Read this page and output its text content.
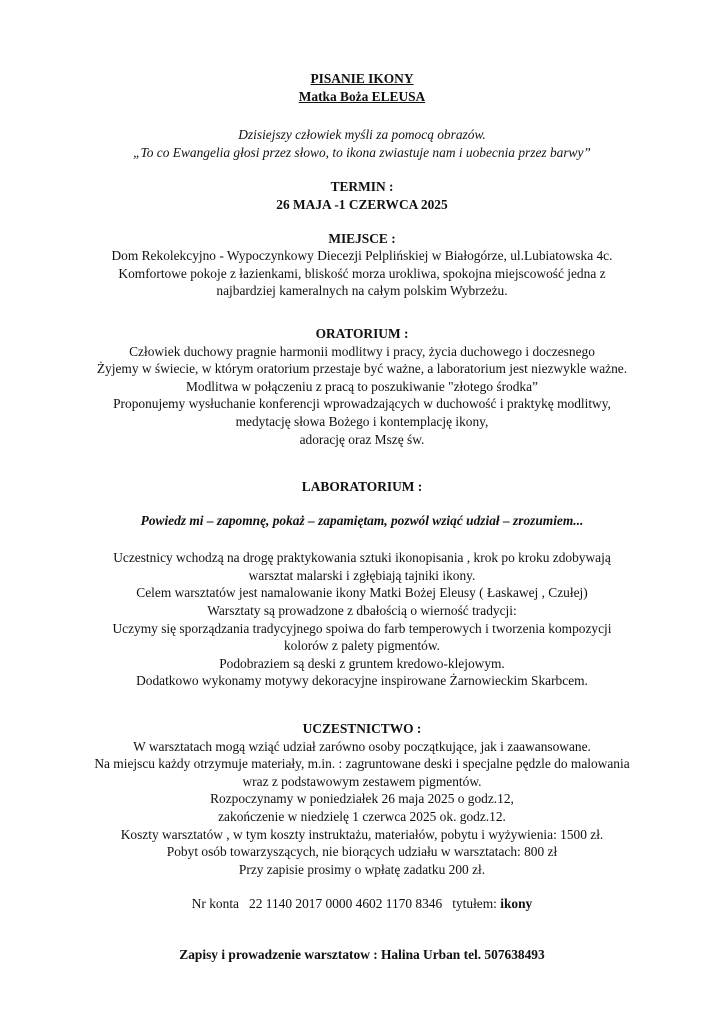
PISANIE IKONY
Matka Boża ELEUSA
Dzisiejszy człowiek myśli za pomocą obrazów.
„To co Ewangelia głosi przez słowo, to ikona zwiastuje nam i uobecnia przez barwy”
TERMIN :
26 MAJA -1 CZERWCA 2025
MIEJSCE :
Dom Rekolekcyjno - Wypoczynkowy Diecezji Pelplińskiej w Białogórze, ul.Lubiatowska 4c.
Komfortowe pokoje z łazienkami, bliskość morza urokliwa, spokojna miejscowość jedna z
najbardziej kameralnych na całym polskim Wybrzeżu.
ORATORIUM :
Człowiek duchowy pragnie harmonii modlitwy i pracy, życia duchowego i doczesnego
Żyjemy w świecie, w którym oratorium przestaje być ważne, a laboratorium jest niezwykle ważne.
Modlitwa w połączeniu z pracą to poszukiwanie "złotego środka”
Proponujemy wysłuchanie konferencji wprowadzających w duchowość i praktykę modlitwy,
medytację słowa Bożego i kontemplację ikony,
adorację oraz Mszę św.
LABORATORIUM :
Powiedz mi – zapomnę, pokaż – zapamiętam, pozwól wziąć udział – zrozumiem...
Uczestnicy wchodzą na drogę praktykowania sztuki ikonopisania , krok po kroku zdobywają
warsztat malarski i zgłębiają tajniki ikony.
Celem warsztatów jest namalowanie ikony Matki Bożej Eleusy ( Łaskawej , Czułej)
Warsztaty są prowadzone z dbałością o wierność tradycji:
Uczymy się sporządzania tradycyjnego spoiwa do farb temperowych i tworzenia kompozycji
kolorów z palety pigmentów.
Podobraziem są deski z gruntem kredowo-klejowym.
Dodatkowo wykonamy motywy dekoracyjne inspirowane Żarnowieckim Skarbcem.
UCZESTNICTWO :
W warsztatach mogą wziąć udział zarówno osoby początkujące, jak i zaawansowane.
Na miejscu każdy otrzymuje materiały, m.in. : zagruntowane deski i specjalne pędzle do malowania
wraz z podstawowym zestawem pigmentów.
Rozpoczynamy w poniedziałek 26 maja 2025 o godz.12,
zakończenie w niedzielę 1 czerwca 2025 ok. godz.12.
Koszty warsztatów , w tym koszty instruktażu, materiałów, pobytu i wyżywienia: 1500 zł.
Pobyt osób towarzyszących, nie biorących udziału w warsztatach: 800 zł
Przy zapisie prosimy o wpłatę zadatku 200 zł.
Nr konta   22 1140 2017 0000 4602 1170 8346   tytułem: ikony
Zapisy i prowadzenie warsztatow : Halina Urban tel. 507638493
